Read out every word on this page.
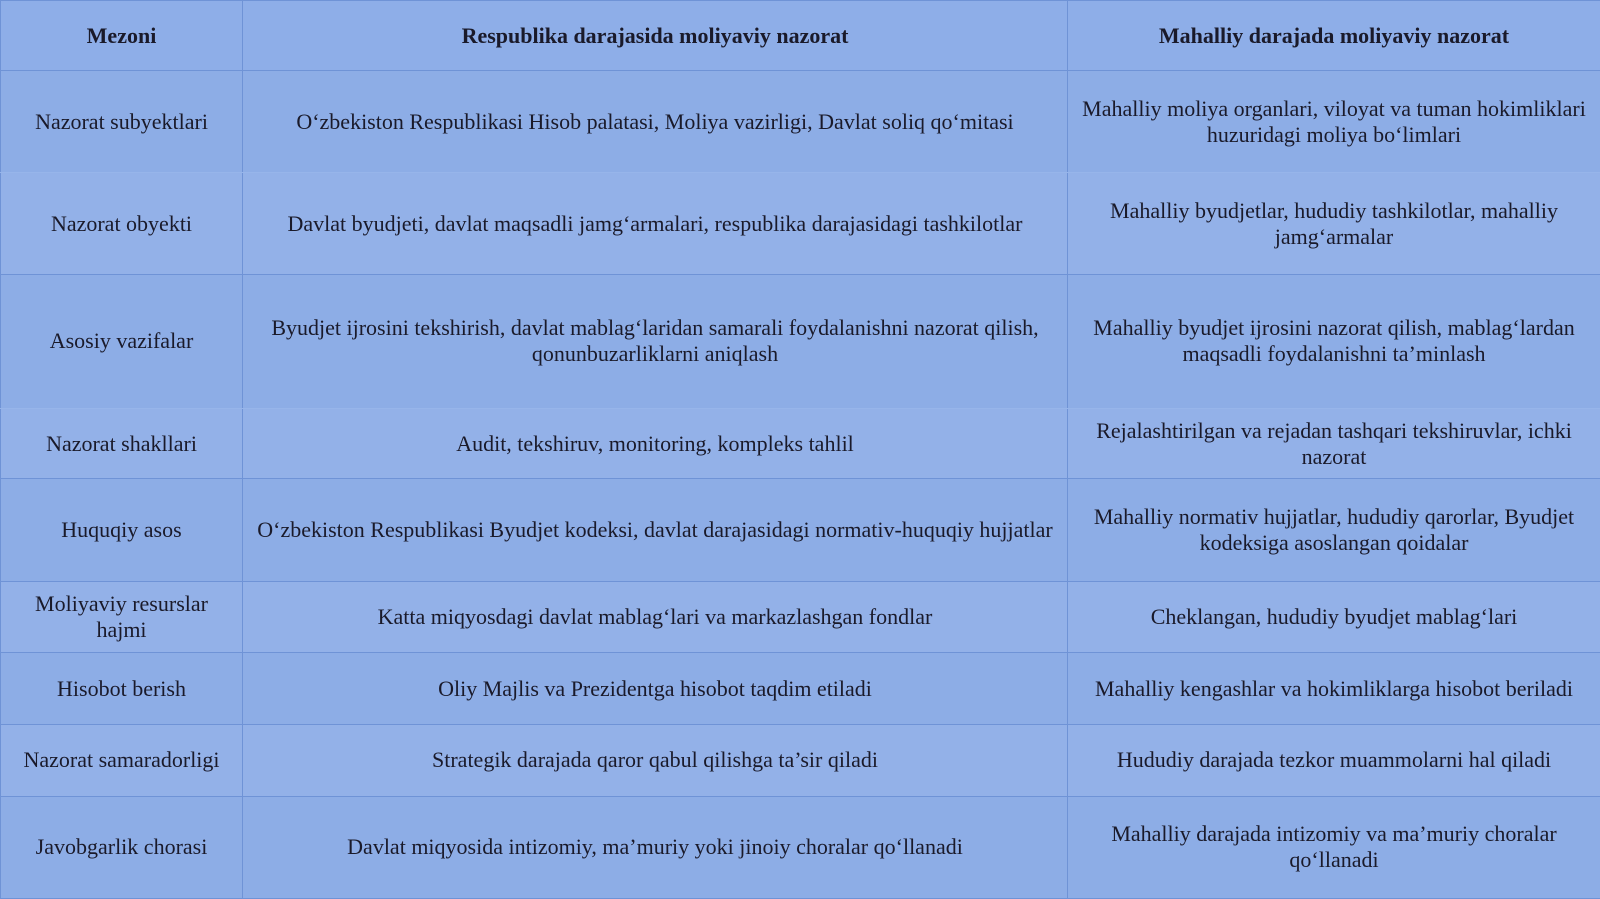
Mezoni	Respublika darajasida moliyaviy nazorat	Mahalliy darajada moliyaviy nazorat
Nazorat subyektlari	O‘zbekiston Respublikasi Hisob palatasi, Moliya vazirligi, Davlat soliq qo‘mitasi	Mahalliy moliya organlari, viloyat va tuman hokimliklari huzuridagi moliya bo‘limlari
Nazorat obyekti	Davlat byudjeti, davlat maqsadli jamg‘armalari, respublika darajasidagi tashkilotlar	Mahalliy byudjetlar, hududiy tashkilotlar, mahalliy jamg‘armalar
Asosiy vazifalar	Byudjet ijrosini tekshirish, davlat mablag‘laridan samarali foydalanishni nazorat qilish, qonunbuzarliklarni aniqlash	Mahalliy byudjet ijrosini nazorat qilish, mablag‘lardan maqsadli foydalanishni ta’minlash
Nazorat shakllari	Audit, tekshiruv, monitoring, kompleks tahlil	Rejalashtirilgan va rejadan tashqari tekshiruvlar, ichki nazorat
Huquqiy asos	O‘zbekiston Respublikasi Byudjet kodeksi, davlat darajasidagi normativ-huquqiy hujjatlar	Mahalliy normativ hujjatlar, hududiy qarorlar, Byudjet kodeksiga asoslangan qoidalar
Moliyaviy resurslar hajmi	Katta miqyosdagi davlat mablag‘lari va markazlashgan fondlar	Cheklangan, hududiy byudjet mablag‘lari
Hisobot berish	Oliy Majlis va Prezidentga hisobot taqdim etiladi	Mahalliy kengashlar va hokimliklarga hisobot beriladi
Nazorat samaradorligi	Strategik darajada qaror qabul qilishga ta’sir qiladi	Hududiy darajada tezkor muammolarni hal qiladi
Javobgarlik chorasi	Davlat miqyosida intizomiy, ma’muriy yoki jinoiy choralar qo‘llanadi	Mahalliy darajada intizomiy va ma’muriy choralar qo‘llanadi
